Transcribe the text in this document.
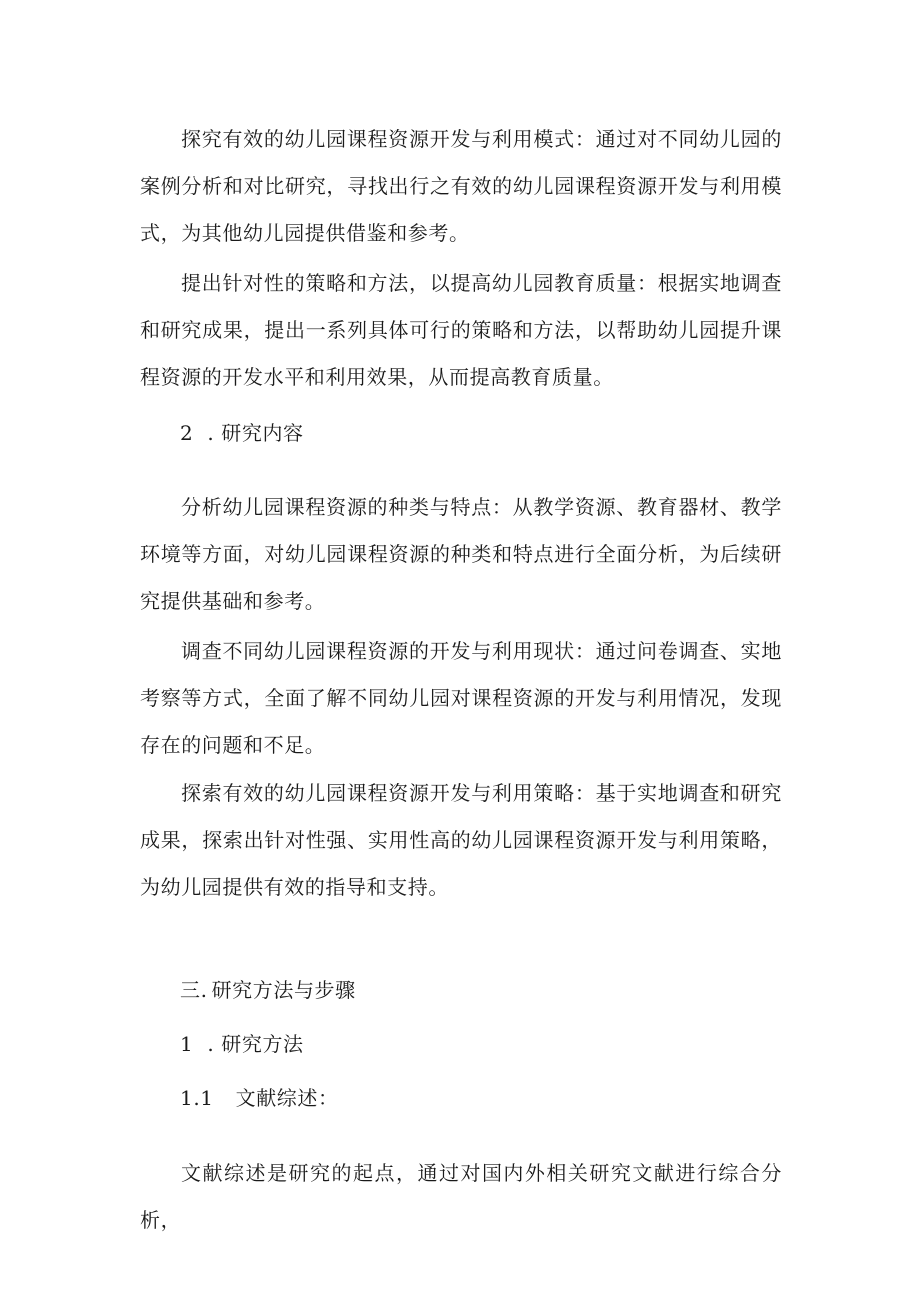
探究有效的幼儿园课程资源开发与利用模式：通过对不同幼儿园的案例分析和对比研究，寻找出行之有效的幼儿园课程资源开发与利用模式，为其他幼儿园提供借鉴和参考。

提出针对性的策略和方法，以提高幼儿园教育质量：根据实地调查和研究成果，提出一系列具体可行的策略和方法，以帮助幼儿园提升课程资源的开发水平和利用效果，从而提高教育质量。

2 . 研究内容

分析幼儿园课程资源的种类与特点：从教学资源、教育器材、教学环境等方面，对幼儿园课程资源的种类和特点进行全面分析，为后续研究提供基础和参考。

调查不同幼儿园课程资源的开发与利用现状：通过问卷调查、实地考察等方式，全面了解不同幼儿园对课程资源的开发与利用情况，发现存在的问题和不足。

探索有效的幼儿园课程资源开发与利用策略：基于实地调查和研究成果，探索出针对性强、实用性高的幼儿园课程资源开发与利用策略，为幼儿园提供有效的指导和支持。

三. 研究方法与步骤
1 . 研究方法
1.1 文献综述：

文献综述是研究的起点，通过对国内外相关研究文献进行综合分析，
